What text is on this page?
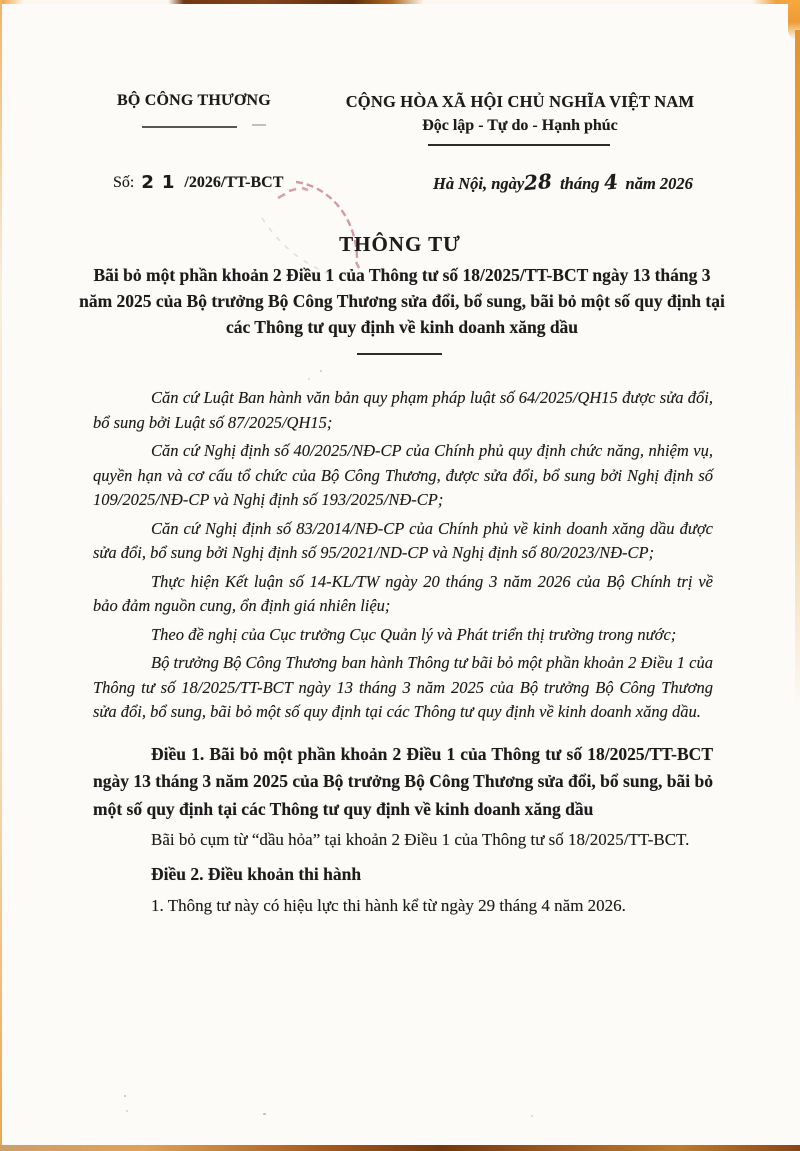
BỘ CÔNG THƯƠNG	CỘNG HÒA XÃ HỘI CHỦ NGHĨA VIỆT NAM
Độc lập - Tự do - Hạnh phúc
Số: 21 /2026/TT-BCT	Hà Nội, ngày28 tháng 4 năm 2026
THÔNG TƯ
Bãi bỏ một phần khoản 2 Điều 1 của Thông tư số 18/2025/TT-BCT ngày 13 tháng 3 năm 2025 của Bộ trưởng Bộ Công Thương sửa đổi, bổ sung, bãi bỏ một số quy định tại các Thông tư quy định về kinh doanh xăng dầu

Căn cứ Luật Ban hành văn bản quy phạm pháp luật số 64/2025/QH15 được sửa đổi, bổ sung bởi Luật số 87/2025/QH15;

Căn cứ Nghị định số 40/2025/NĐ-CP của Chính phủ quy định chức năng, nhiệm vụ, quyền hạn và cơ cấu tổ chức của Bộ Công Thương, được sửa đổi, bổ sung bởi Nghị định số 109/2025/NĐ-CP và Nghị định số 193/2025/NĐ-CP;

Căn cứ Nghị định số 83/2014/NĐ-CP của Chính phủ về kinh doanh xăng dầu được sửa đổi, bổ sung bởi Nghị định số 95/2021/ND-CP và Nghị định số 80/2023/NĐ-CP;

Thực hiện Kết luận số 14-KL/TW ngày 20 tháng 3 năm 2026 của Bộ Chính trị về bảo đảm nguồn cung, ổn định giá nhiên liệu;

Theo đề nghị của Cục trưởng Cục Quản lý và Phát triển thị trường trong nước;

Bộ trưởng Bộ Công Thương ban hành Thông tư bãi bỏ một phần khoản 2 Điều 1 của Thông tư số 18/2025/TT-BCT ngày 13 tháng 3 năm 2025 của Bộ trưởng Bộ Công Thương sửa đổi, bổ sung, bãi bỏ một số quy định tại các Thông tư quy định về kinh doanh xăng dầu.

Điều 1. Bãi bỏ một phần khoản 2 Điều 1 của Thông tư số 18/2025/TT-BCT ngày 13 tháng 3 năm 2025 của Bộ trưởng Bộ Công Thương sửa đổi, bổ sung, bãi bỏ một số quy định tại các Thông tư quy định về kinh doanh xăng dầu

Bãi bỏ cụm từ “dầu hỏa” tại khoản 2 Điều 1 của Thông tư số 18/2025/TT-BCT.

Điều 2. Điều khoản thi hành

1. Thông tư này có hiệu lực thi hành kể từ ngày 29 tháng 4 năm 2026.
